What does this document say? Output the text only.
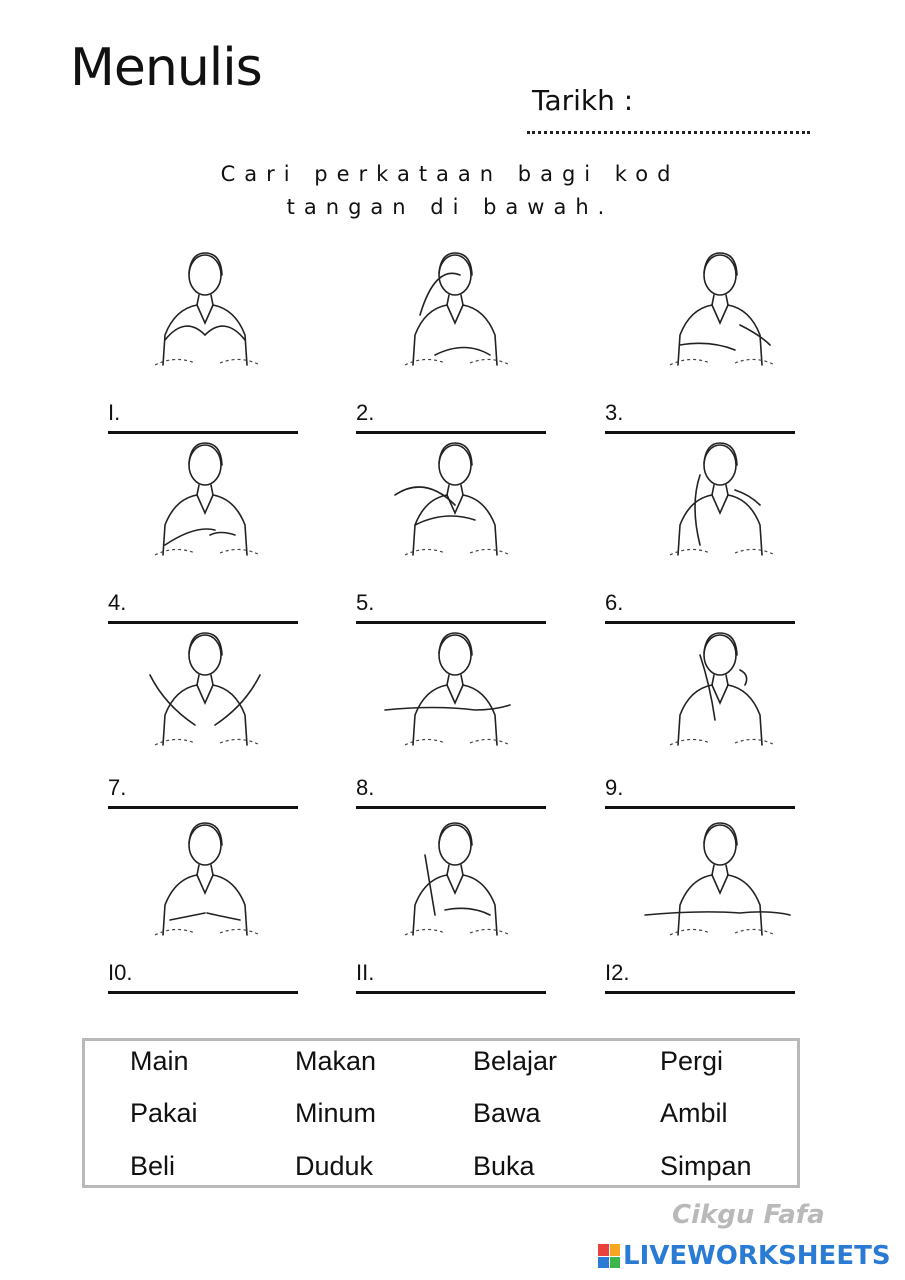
Menulis
Tarikh :
Cari perkataan bagi kod
tangan di bawah.
I.	2.	3.
4.	5.	6.
7.	8.	9.
I0.	II.	I2.
Main	Makan	Belajar	Pergi
Pakai	Minum	Bawa	Ambil
Beli	Duduk	Buka	Simpan
Cikgu Fafa
LIVEWORKSHEETS
